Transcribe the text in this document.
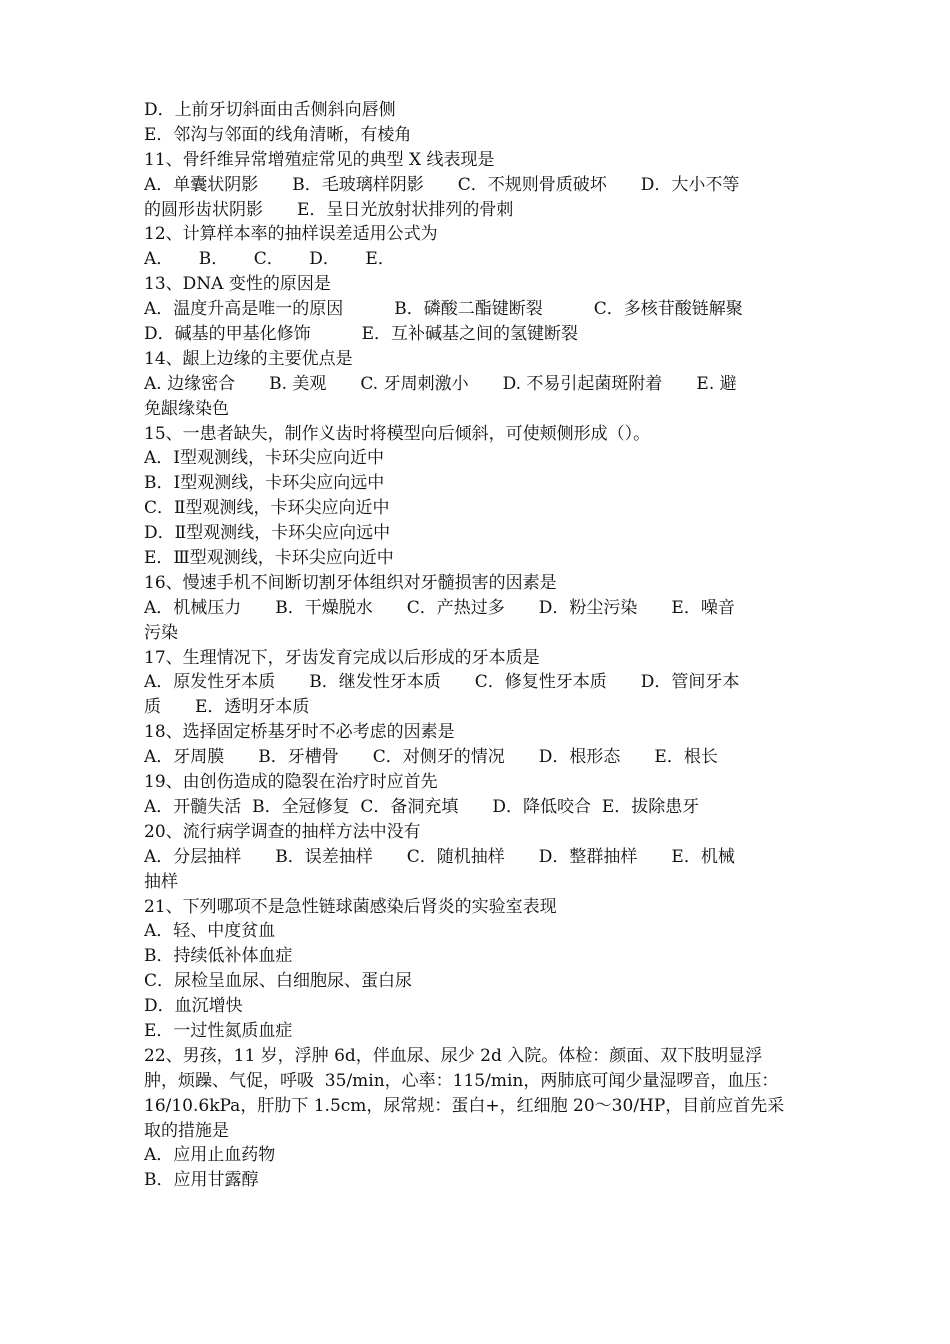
D．上前牙切斜面由舌侧斜向唇侧
E．邻沟与邻面的线角清晰，有棱角
11、骨纤维异常增殖症常见的典型 X 线表现是
A．单囊状阴影　　B．毛玻璃样阴影　　C．不规则骨质破坏　　D．大小不等
的圆形齿状阴影　　E．呈日光放射状排列的骨刺
12、计算样本率的抽样误差适用公式为
A．　　B．　　C．　　D．　　E．
13、DNA 变性的原因是
A．温度升高是唯一的原因　　　B．磷酸二酯键断裂　　　C．多核苷酸链解聚
D．碱基的甲基化修饰　　　E．互补碱基之间的氢键断裂
14、龈上边缘的主要优点是
A. 边缘密合　　B. 美观　　C. 牙周刺激小　　D. 不易引起菌斑附着　　E. 避
免龈缘染色
15、一患者缺失，制作义齿时将模型向后倾斜，可使颊侧形成（）。
A．Ⅰ型观测线，卡环尖应向近中
B．Ⅰ型观测线，卡环尖应向远中
C．Ⅱ型观测线，卡环尖应向近中
D．Ⅱ型观测线，卡环尖应向远中
E．Ⅲ型观测线，卡环尖应向近中
16、慢速手机不间断切割牙体组织对牙髓损害的因素是
A．机械压力　　B．干燥脱水　　C．产热过多　　D．粉尘污染　　E．噪音
污染
17、生理情况下，牙齿发育完成以后形成的牙本质是
A．原发性牙本质　　B．继发性牙本质　　C．修复性牙本质　　D．管间牙本
质　　E．透明牙本质
18、选择固定桥基牙时不必考虑的因素是
A．牙周膜　　B．牙槽骨　　C．对侧牙的情况　　D．根形态　　E．根长
19、由创伤造成的隐裂在治疗时应首先
A．开髓失活  B．全冠修复  C．备洞充填　　D．降低咬合  E．拔除患牙
20、流行病学调查的抽样方法中没有
A．分层抽样　　B．误差抽样　　C．随机抽样　　D．整群抽样　　E．机械
抽样
21、下列哪项不是急性链球菌感染后肾炎的实验室表现
A．轻、中度贫血
B．持续低补体血症
C．尿检呈血尿、白细胞尿、蛋白尿
D．血沉增快
E．一过性氮质血症
22、男孩，11 岁，浮肿 6d，伴血尿、尿少 2d 入院。体检：颜面、双下肢明显浮
肿，烦躁、气促，呼吸  35/min，心率：115/min，两肺底可闻少量湿啰音，血压：
16/10.6kPa，肝肋下 1.5cm，尿常规：蛋白+，红细胞 20～30/HP，目前应首先采
取的措施是
A．应用止血药物
B．应用甘露醇
